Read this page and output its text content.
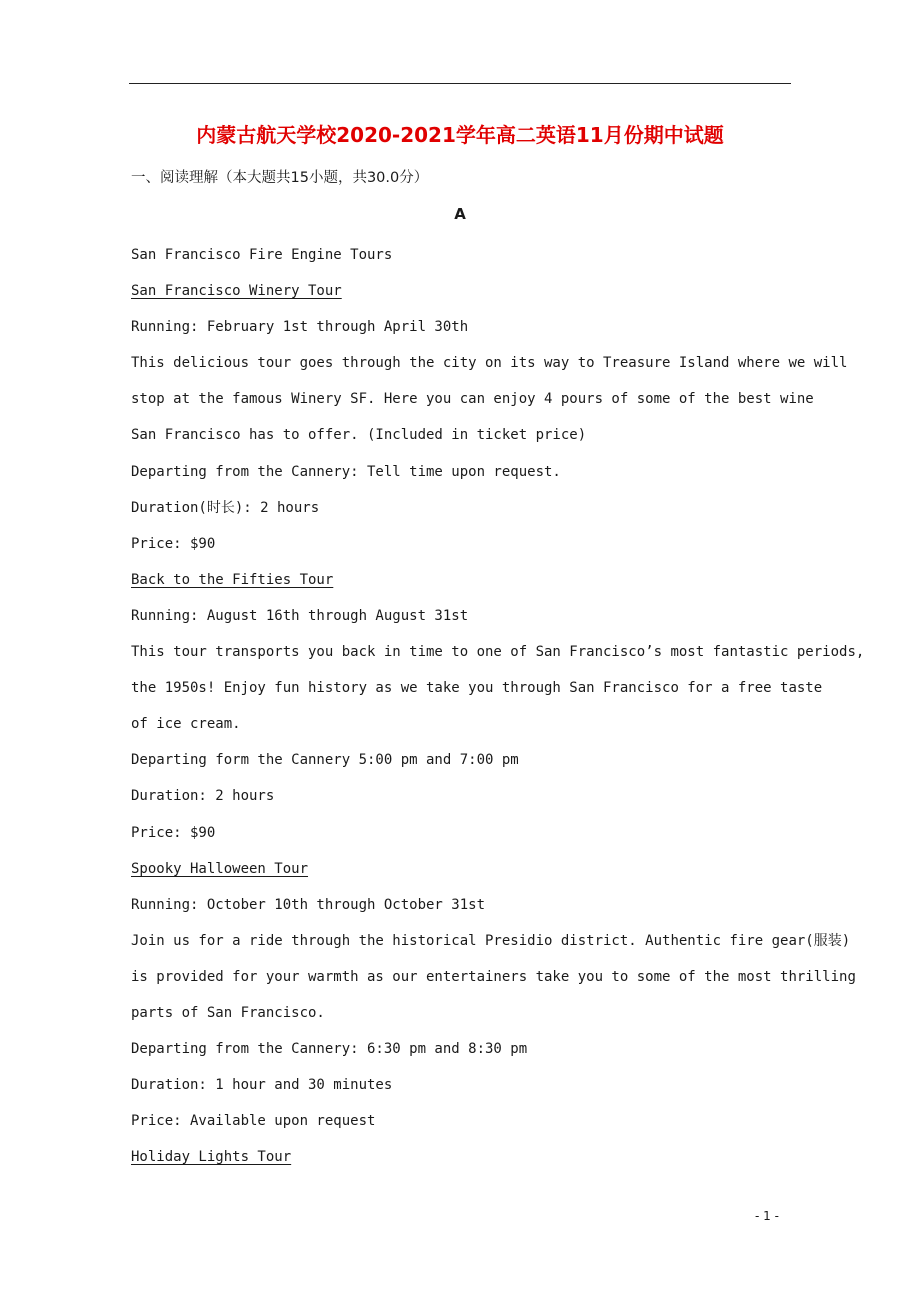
内蒙古航天学校2020-2021学年高二英语11月份期中试题
一、阅读理解（本大题共15小题，共30.0分）
A
San Francisco Fire Engine Tours
San Francisco Winery Tour
Running: February 1st through April 30th
This delicious tour goes through the city on its way to Treasure Island where we will
stop at the famous Winery SF. Here you can enjoy 4 pours of some of the best wine
San Francisco has to offer. (Included in ticket price)
Departing from the Cannery: Tell time upon request.
Duration(时长): 2 hours
Price: $90
Back to the Fifties Tour
Running: August 16th through August 31st
This tour transports you back in time to one of San Francisco’s most fantastic periods,
the 1950s! Enjoy fun history as we take you through San Francisco for a free taste
of ice cream.
Departing form the Cannery 5:00 pm and 7:00 pm
Duration: 2 hours
Price: $90
Spooky Halloween Tour
Running: October 10th through October 31st
Join us for a ride through the historical Presidio district. Authentic fire gear(服装)
is provided for your warmth as our entertainers take you to some of the most thrilling
parts of San Francisco.
Departing from the Cannery: 6:30 pm and 8:30 pm
Duration: 1 hour and 30 minutes
Price: Available upon request
Holiday Lights Tour
- 1 -
